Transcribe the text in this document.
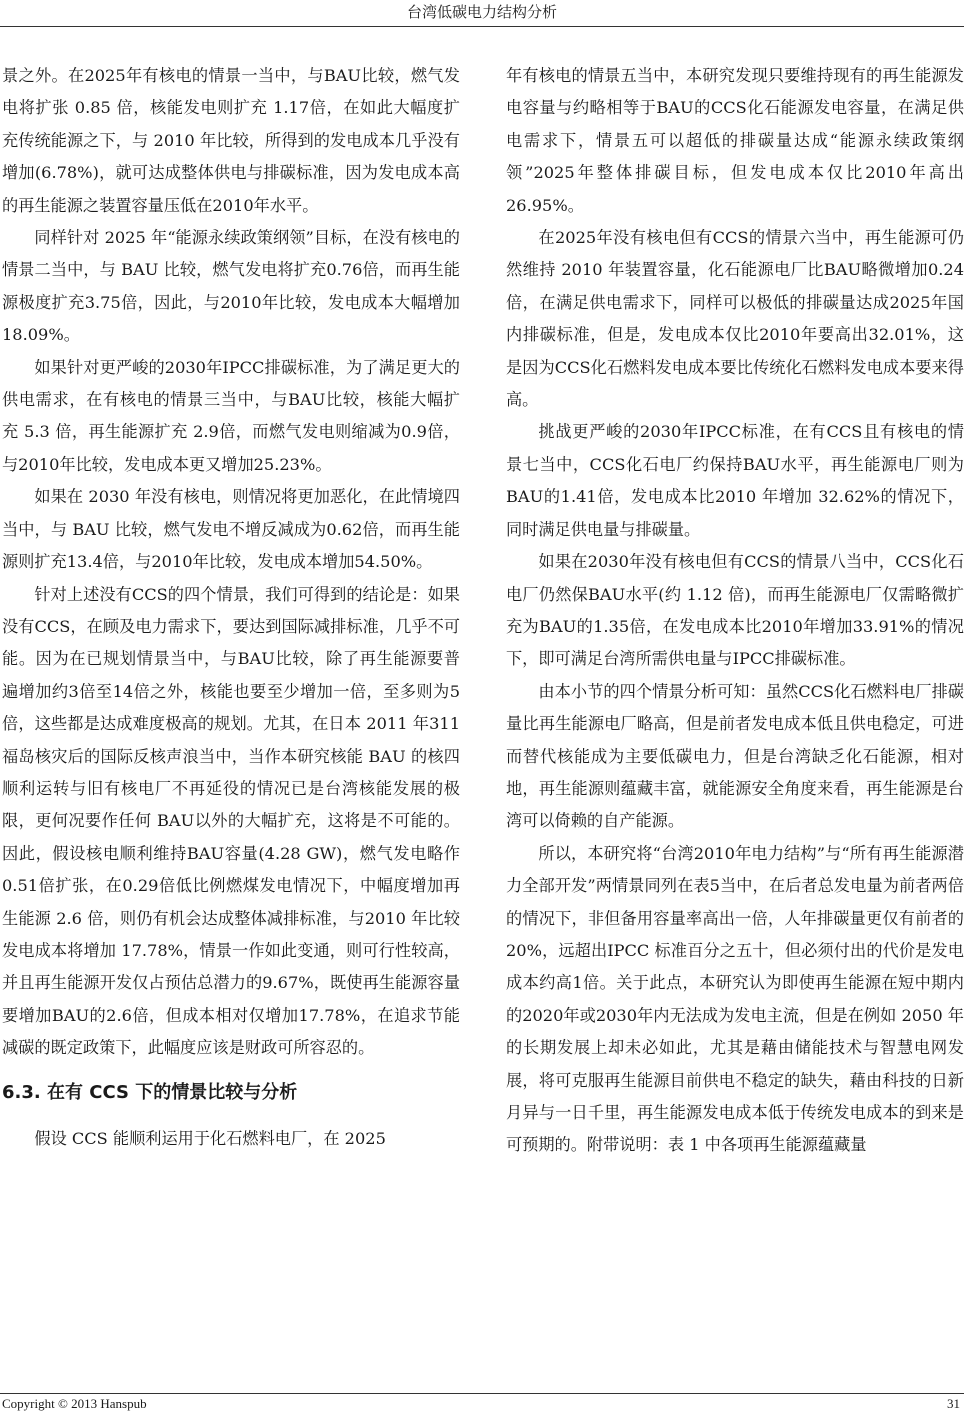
台湾低碳电力结构分析

景之外。在2025年有核电的情景一当中，与BAU比较，燃气发电将扩张 0.85 倍，核能发电则扩充 1.17倍，在如此大幅度扩充传统能源之下，与 2010 年比较，所得到的发电成本几乎没有增加(6.78%)，就可达成整体供电与排碳标准，因为发电成本高的再生能源之装置容量压低在2010年水平。

同样针对 2025 年“能源永续政策纲领”目标，在没有核电的情景二当中，与 BAU 比较，燃气发电将扩充0.76倍，而再生能源极度扩充3.75倍，因此，与2010年比较，发电成本大幅增加18.09%。

如果针对更严峻的2030年IPCC排碳标准，为了满足更大的供电需求，在有核电的情景三当中，与BAU比较，核能大幅扩充 5.3 倍，再生能源扩充 2.9倍，而燃气发电则缩减为0.9倍，与2010年比较，发电成本更又增加25.23%。

如果在 2030 年没有核电，则情况将更加恶化，在此情境四当中，与 BAU 比较，燃气发电不增反减成为0.62倍，而再生能源则扩充13.4倍，与2010年比较，发电成本增加54.50%。

针对上述没有CCS的四个情景，我们可得到的结论是：如果没有CCS，在顾及电力需求下，要达到国际减排标准，几乎不可能。因为在已规划情景当中，与BAU比较，除了再生能源要普遍增加约3倍至14倍之外，核能也要至少增加一倍，至多则为5倍，这些都是达成难度极高的规划。尤其，在日本 2011 年311 福岛核灾后的国际反核声浪当中，当作本研究核能 BAU 的核四顺利运转与旧有核电厂不再延役的情况已是台湾核能发展的极限，更何况要作任何 BAU以外的大幅扩充，这将是不可能的。因此，假设核电顺利维持BAU容量(4.28 GW)，燃气发电略作0.51倍扩张，在0.29倍低比例燃煤发电情况下，中幅度增加再生能源 2.6 倍，则仍有机会达成整体减排标准，与2010 年比较发电成本将增加 17.78%，情景一作如此变通，则可行性较高，并且再生能源开发仅占预估总潜力的9.67%，既使再生能源容量要增加BAU的2.6倍，但成本相对仅增加17.78%，在追求节能减碳的既定政策下，此幅度应该是财政可所容忍的。

6.3. 在有 CCS 下的情景比较与分析

假设 CCS 能顺利运用于化石燃料电厂，在 2025

年有核电的情景五当中，本研究发现只要维持现有的再生能源发电容量与约略相等于BAU的CCS化石能源发电容量，在满足供电需求下，情景五可以超低的排碳量达成“能源永续政策纲领”2025年整体排碳目标，但发电成本仅比2010年高出26.95%。

在2025年没有核电但有CCS的情景六当中，再生能源可仍然维持 2010 年装置容量，化石能源电厂比BAU略微增加0.24倍，在满足供电需求下，同样可以极低的排碳量达成2025年国内排碳标准，但是，发电成本仅比2010年要高出32.01%，这是因为CCS化石燃料发电成本要比传统化石燃料发电成本要来得高。

挑战更严峻的2030年IPCC标准，在有CCS且有核电的情景七当中，CCS化石电厂约保持BAU水平，再生能源电厂则为BAU的1.41倍，发电成本比2010 年增加 32.62%的情况下，同时满足供电量与排碳量。

如果在2030年没有核电但有CCS的情景八当中，CCS化石电厂仍然保BAU水平(约 1.12 倍)，而再生能源电厂仅需略微扩充为BAU的1.35倍，在发电成本比2010年增加33.91%的情况下，即可满足台湾所需供电量与IPCC排碳标准。

由本小节的四个情景分析可知：虽然CCS化石燃料电厂排碳量比再生能源电厂略高，但是前者发电成本低且供电稳定，可进而替代核能成为主要低碳电力，但是台湾缺乏化石能源，相对地，再生能源则蕴藏丰富，就能源安全角度来看，再生能源是台湾可以倚赖的自产能源。

所以，本研究将“台湾2010年电力结构”与“所有再生能源潜力全部开发”两情景同列在表5当中，在后者总发电量为前者两倍的情况下，非但备用容量率高出一倍，人年排碳量更仅有前者的20%，远超出IPCC 标准百分之五十，但必须付出的代价是发电成本约高1倍。关于此点，本研究认为即使再生能源在短中期内的2020年或2030年内无法成为发电主流，但是在例如 2050 年的长期发展上却未必如此，尤其是藉由储能技术与智慧电网发展，将可克服再生能源目前供电不稳定的缺失，藉由科技的日新月异与一日千里，再生能源发电成本低于传统发电成本的到来是可预期的。附带说明：表 1 中各项再生能源蕴藏量

Copyright © 2013 Hanspub	31
